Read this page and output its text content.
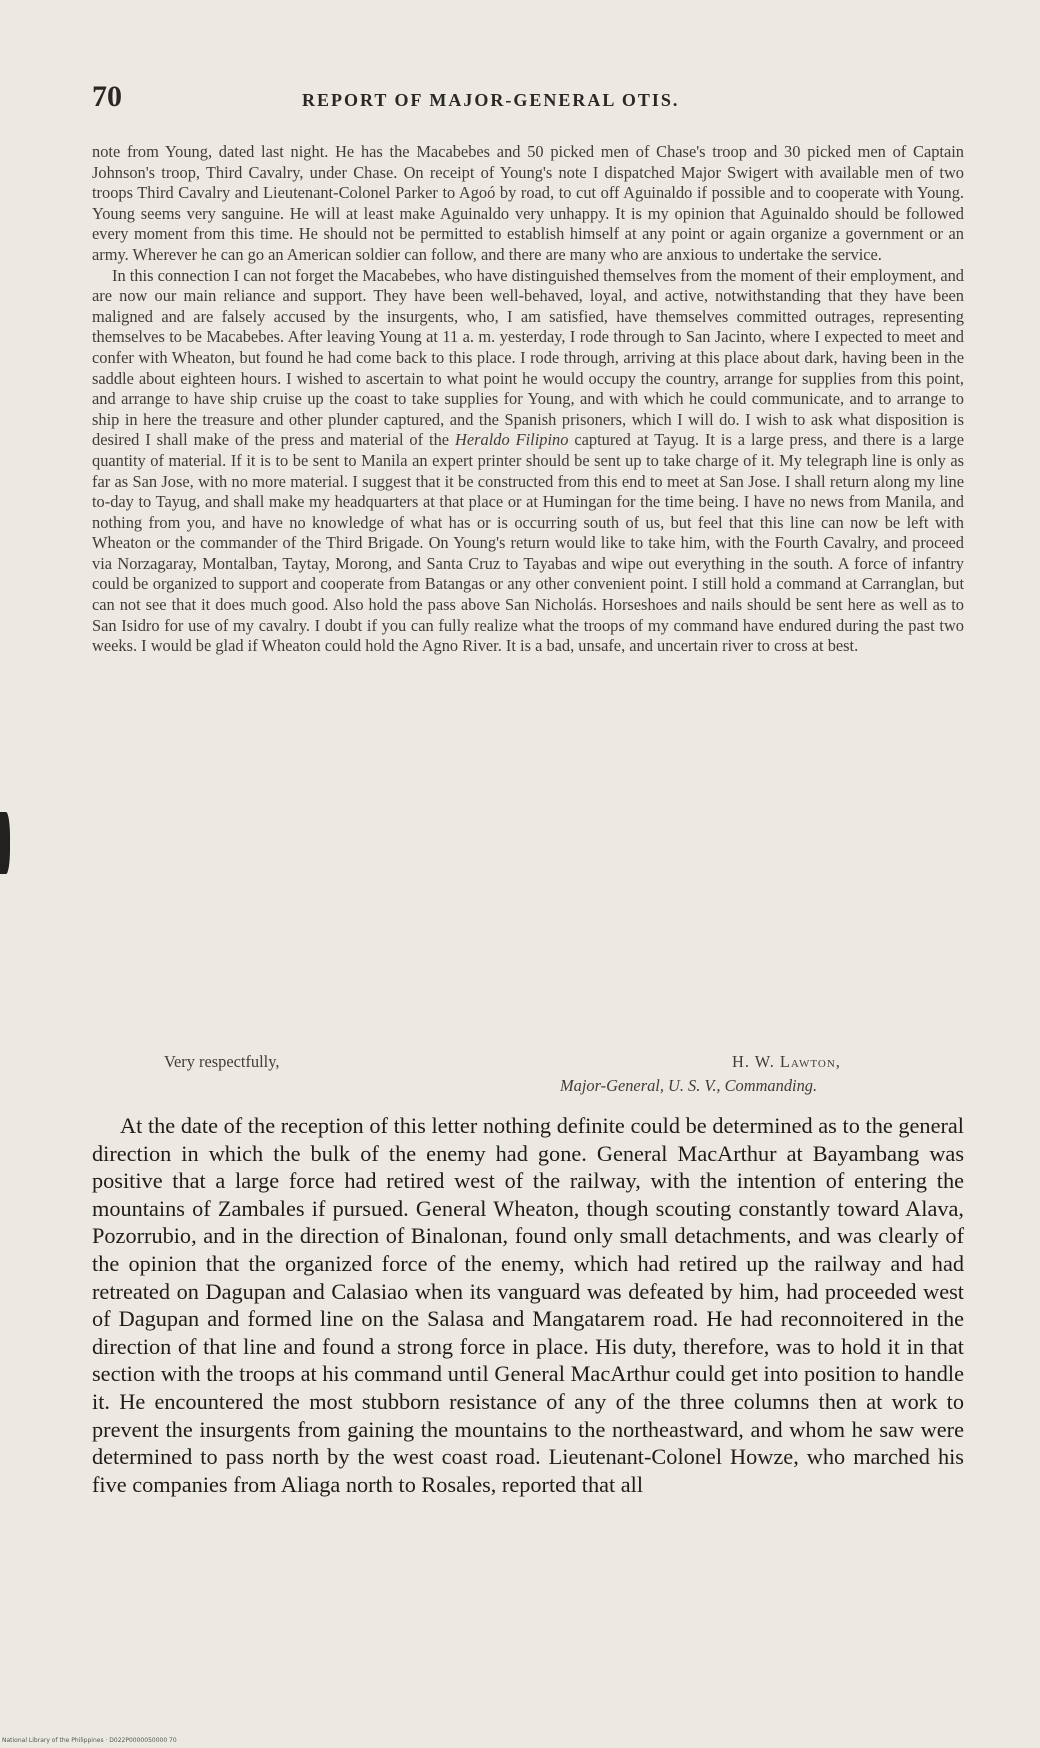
70	REPORT OF MAJOR-GENERAL OTIS.

note from Young, dated last night. He has the Macabebes and 50 picked men of Chase's troop and 30 picked men of Captain Johnson's troop, Third Cavalry, under Chase. On receipt of Young's note I dispatched Major Swigert with available men of two troops Third Cavalry and Lieutenant-Colonel Parker to Agoó by road, to cut off Aguinaldo if possible and to cooperate with Young. Young seems very sanguine. He will at least make Aguinaldo very unhappy. It is my opinion that Aguinaldo should be followed every moment from this time. He should not be permitted to establish himself at any point or again organize a government or an army. Wherever he can go an American soldier can follow, and there are many who are anxious to undertake the service.

In this connection I can not forget the Macabebes, who have distinguished themselves from the moment of their employment, and are now our main reliance and support. They have been well-behaved, loyal, and active, notwithstanding that they have been maligned and are falsely accused by the insurgents, who, I am satisfied, have themselves committed outrages, representing themselves to be Macabebes. After leaving Young at 11 a. m. yesterday, I rode through to San Jacinto, where I expected to meet and confer with Wheaton, but found he had come back to this place. I rode through, arriving at this place about dark, having been in the saddle about eighteen hours. I wished to ascertain to what point he would occupy the country, arrange for supplies from this point, and arrange to have ship cruise up the coast to take supplies for Young, and with which he could communicate, and to arrange to ship in here the treasure and other plunder captured, and the Spanish prisoners, which I will do. I wish to ask what disposition is desired I shall make of the press and material of the Heraldo Filipino captured at Tayug. It is a large press, and there is a large quantity of material. If it is to be sent to Manila an expert printer should be sent up to take charge of it. My telegraph line is only as far as San Jose, with no more material. I suggest that it be constructed from this end to meet at San Jose. I shall return along my line to-day to Tayug, and shall make my headquarters at that place or at Humingan for the time being. I have no news from Manila, and nothing from you, and have no knowledge of what has or is occurring south of us, but feel that this line can now be left with Wheaton or the commander of the Third Brigade. On Young's return would like to take him, with the Fourth Cavalry, and proceed via Norzagaray, Montalban, Taytay, Morong, and Santa Cruz to Tayabas and wipe out everything in the south. A force of infantry could be organized to support and cooperate from Batangas or any other convenient point. I still hold a command at Carranglan, but can not see that it does much good. Also hold the pass above San Nicholás. Horseshoes and nails should be sent here as well as to San Isidro for use of my cavalry. I doubt if you can fully realize what the troops of my command have endured during the past two weeks. I would be glad if Wheaton could hold the Agno River. It is a bad, unsafe, and uncertain river to cross at best.

Very respectfully,	H. W. Lawton,
Major-General, U. S. V., Commanding.

At the date of the reception of this letter nothing definite could be determined as to the general direction in which the bulk of the enemy had gone. General MacArthur at Bayambang was positive that a large force had retired west of the railway, with the intention of entering the mountains of Zambales if pursued. General Wheaton, though scouting constantly toward Alava, Pozorrubio, and in the direction of Binalonan, found only small detachments, and was clearly of the opinion that the organized force of the enemy, which had retired up the railway and had retreated on Dagupan and Calasiao when its vanguard was defeated by him, had proceeded west of Dagupan and formed line on the Salasa and Mangatarem road. He had reconnoitered in the direction of that line and found a strong force in place. His duty, therefore, was to hold it in that section with the troops at his command until General MacArthur could get into position to handle it. He encountered the most stubborn resistance of any of the three columns then at work to prevent the insurgents from gaining the mountains to the northeastward, and whom he saw were determined to pass north by the west coast road. Lieutenant-Colonel Howze, who marched his five companies from Aliaga north to Rosales, reported that all

National Library of the Philippines · D022P0000050000 70
